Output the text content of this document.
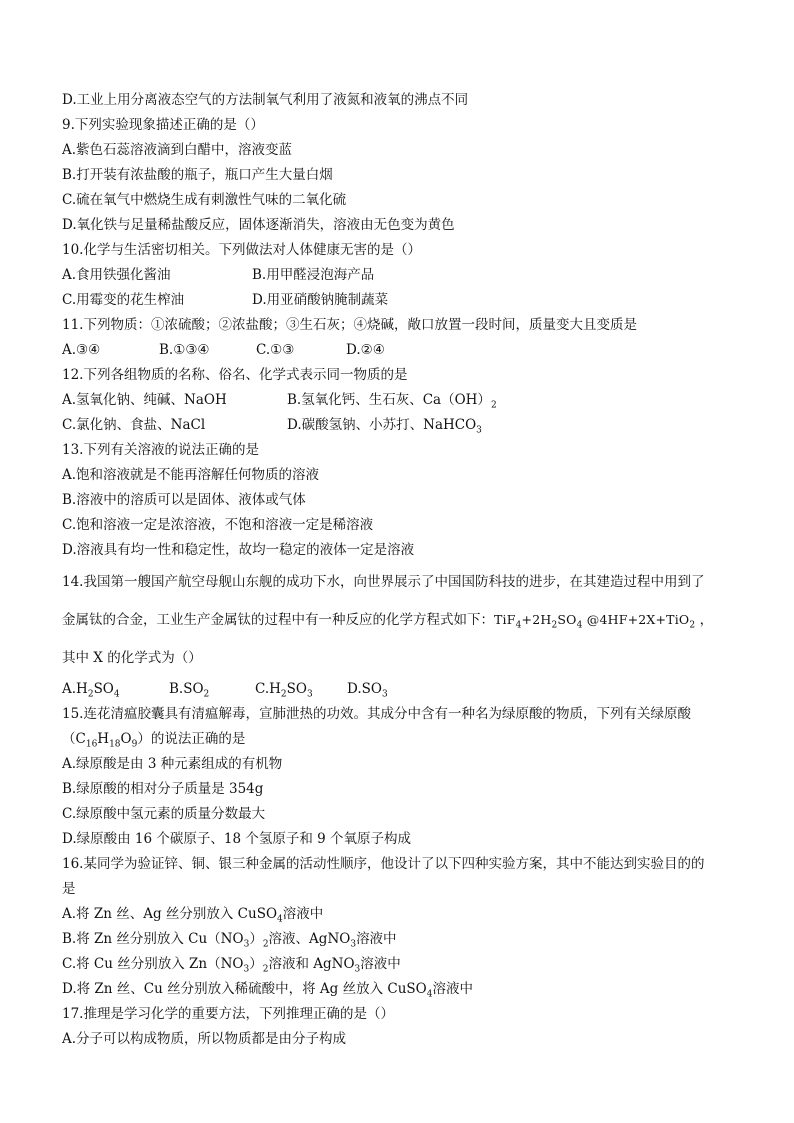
D.工业上用分离液态空气的方法制氧气利用了液氮和液氧的沸点不同
9.下列实验现象描述正确的是（）
A.紫色石蕊溶液滴到白醋中，溶液变蓝
B.打开装有浓盐酸的瓶子，瓶口产生大量白烟
C.硫在氧气中燃烧生成有刺激性气味的二氧化硫
D.氧化铁与足量稀盐酸反应，固体逐渐消失，溶液由无色变为黄色
10.化学与生活密切相关。下列做法对人体健康无害的是（）
A.食用铁强化酱油	B.用甲醛浸泡海产品
C.用霉变的花生榨油	D.用亚硝酸钠腌制蔬菜
11.下列物质：①浓硫酸；②浓盐酸；③生石灰；④烧碱，敞口放置一段时间，质量变大且变质是
A.③④	B.①③④	C.①③	D.②④
12.下列各组物质的名称、俗名、化学式表示同一物质的是
A.氢氧化钠、纯碱、NaOH	B.氢氧化钙、生石灰、$Ca(OH)_2$
C.氯化钠、食盐、NaCl	D.碳酸氢钠、小苏打、NaHCO$_3$
13.下列有关溶液的说法正确的是
A.饱和溶液就是不能再溶解任何物质的溶液
B.溶液中的溶质可以是固体、液体或气体
C.饱和溶液一定是浓溶液，不饱和溶液一定是稀溶液
D.溶液具有均一性和稳定性，故均一稳定的液体一定是溶液
14.我国第一艘国产航空母舰山东舰的成功下水，向世界展示了中国国防科技的进步，在其建造过程中用到了
金属钛的合金，工业生产金属钛的过程中有一种反应的化学方程式如下：$TiF_4+2H_2SO_4$ @4HF+2X+TiO$_2$ ，
其中 X 的化学式为（）
$A.H_2SO_4$	$B.SO_2$	$C.H_2SO_3$	$D.SO_3$
15.连花清瘟胶囊具有清瘟解毒，宣肺泄热的功效。其成分中含有一种名为绿原酸的物质，下列有关绿原酸
$(C_{16}H_{18}O_9)$的说法正确的是
A.绿原酸是由 3 种元素组成的有机物
B.绿原酸的相对分子质量是 354g
C.绿原酸中氢元素的质量分数最大
D.绿原酸由 16 个碳原子、18 个氢原子和 9 个氧原子构成
16.某同学为验证锌、铜、银三种金属的活动性顺序，他设计了以下四种实验方案，其中不能达到实验目的的
是
A.将 Zn 丝、Ag 丝分别放入 CuSO$_4$溶液中
B.将 Zn 丝分别放入 $Cu(NO_3)_2$溶液、AgNO$_3$溶液中
C.将 Cu 丝分别放入 $Zn(NO_3)_2$溶液和 AgNO$_3$溶液中
D.将 Zn 丝、Cu 丝分别放入稀硫酸中，将 Ag 丝放入 CuSO$_4$溶液中
17.推理是学习化学的重要方法，下列推理正确的是（）
A.分子可以构成物质，所以物质都是由分子构成
